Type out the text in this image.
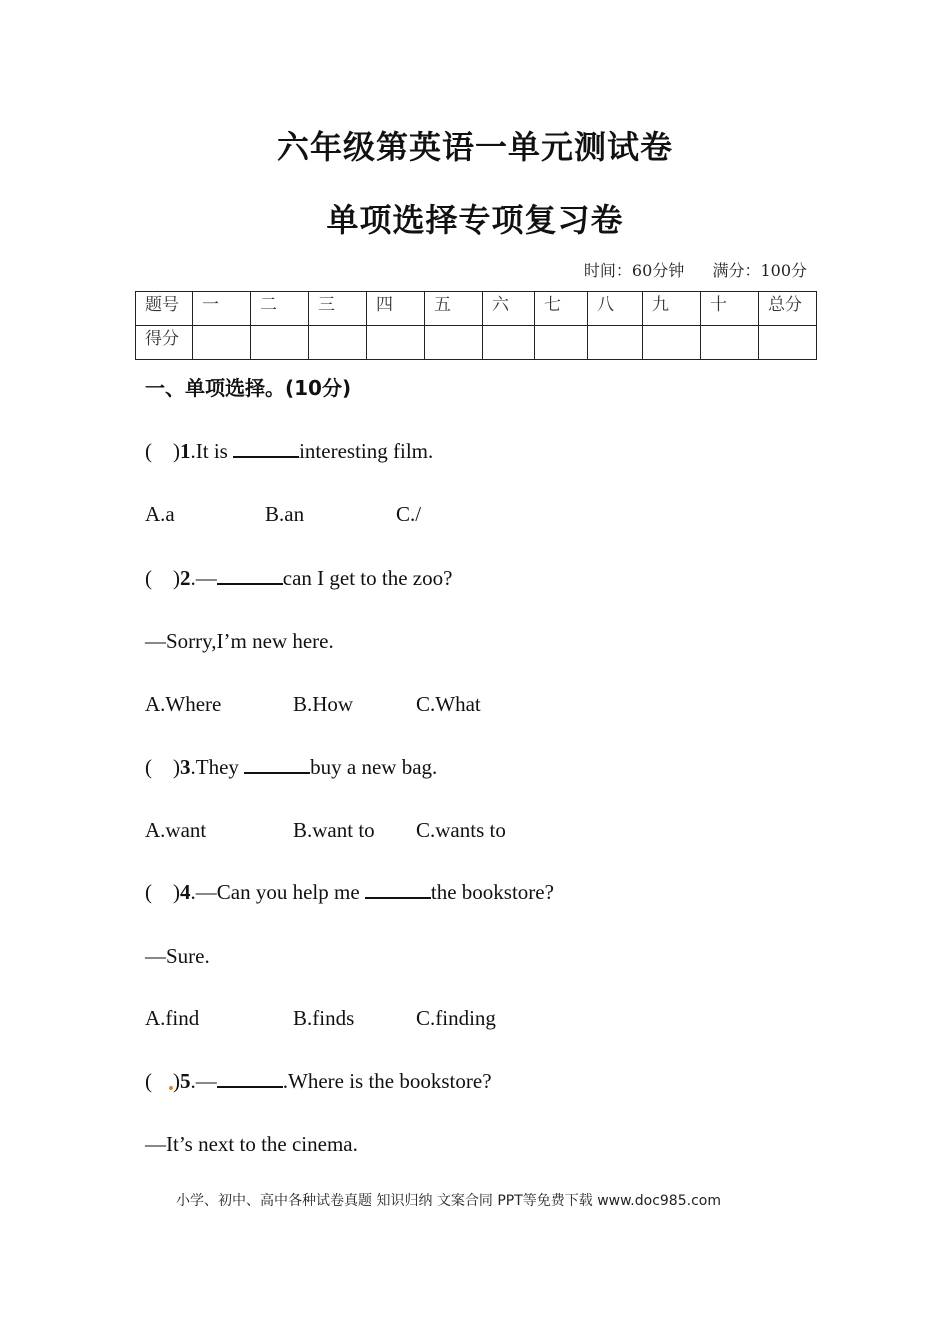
六年级第英语一单元测试卷
单项选择专项复习卷
时间：60分钟 满分：100分
题号	一	二	三	四	五	六	七	八	九	十	总分
得分											
一、单项选择。(10分)
( )1.It is	interesting film.
A.a	B.an	C./
( )2.—	can I get to the zoo?
—Sorry,I’m new here.
A.Where	B.How	C.What
( )3.They	buy a new bag.
A.want	B.want to C.wants to
( )4.—Can you help me	the bookstore?
—Sure.
A.find	B.finds	C.finding
( )5.—	.Where is the bookstore?
—It’s next to the cinema.
小学、初中、高中各种试卷真题 知识归纳 文案合同 PPT等免费下载 www.doc985.com
